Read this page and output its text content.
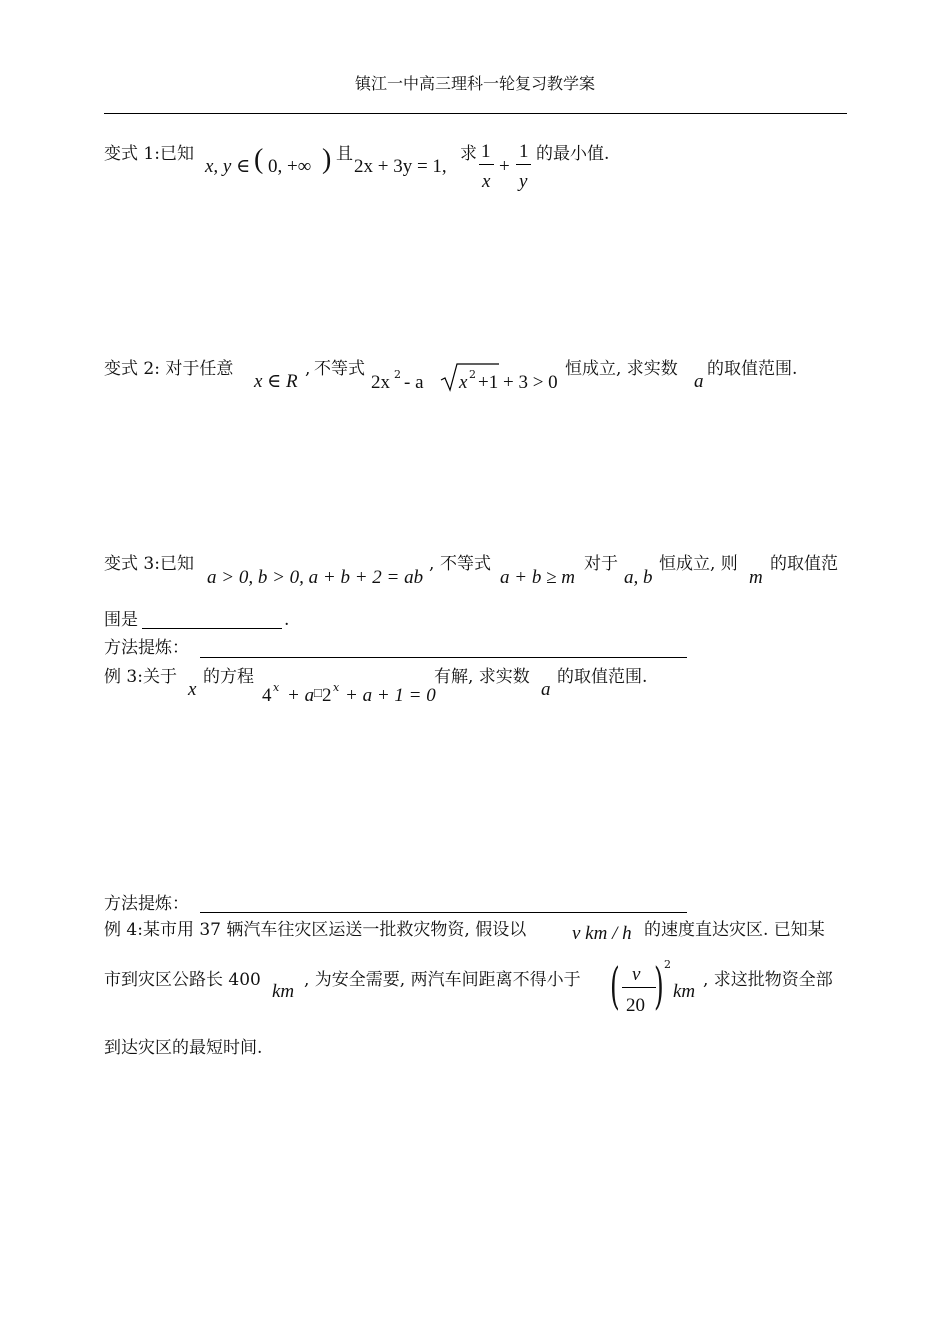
镇江一中高三理科一轮复习教学案
变式 1:已知
x, y ∈ ( 0, +∞ ) 且
2x + 3y = 1,
求 1
x
+
1
y
的最小值.
变式 2: 对于任意
x ∈ R
, 不等式
2x 2 - a x 2 +1 + 3 > 0
恒成立, 求实数
a
的取值范围.
变式 3:已知
a > 0, b > 0, a + b + 2 = ab
, 不等式
a + b ≥ m
对于
a, b
恒成立, 则
m
的取值范
围是	.
方法提炼：
例 3:关于
x
的方程
4 x + a □ 2 x + a + 1 = 0
有解, 求实数
a
的取值范围.
方法提炼：
例 4:某市用 37 辆汽车往灾区运送一批救灾物资, 假设以 v km / h 的速度直达灾区. 已知某
市到灾区公路长 400
km
, 为安全需要, 两汽车间距离不得小于 ( v
20 ) 2
km
, 求这批物资全部
到达灾区的最短时间.
